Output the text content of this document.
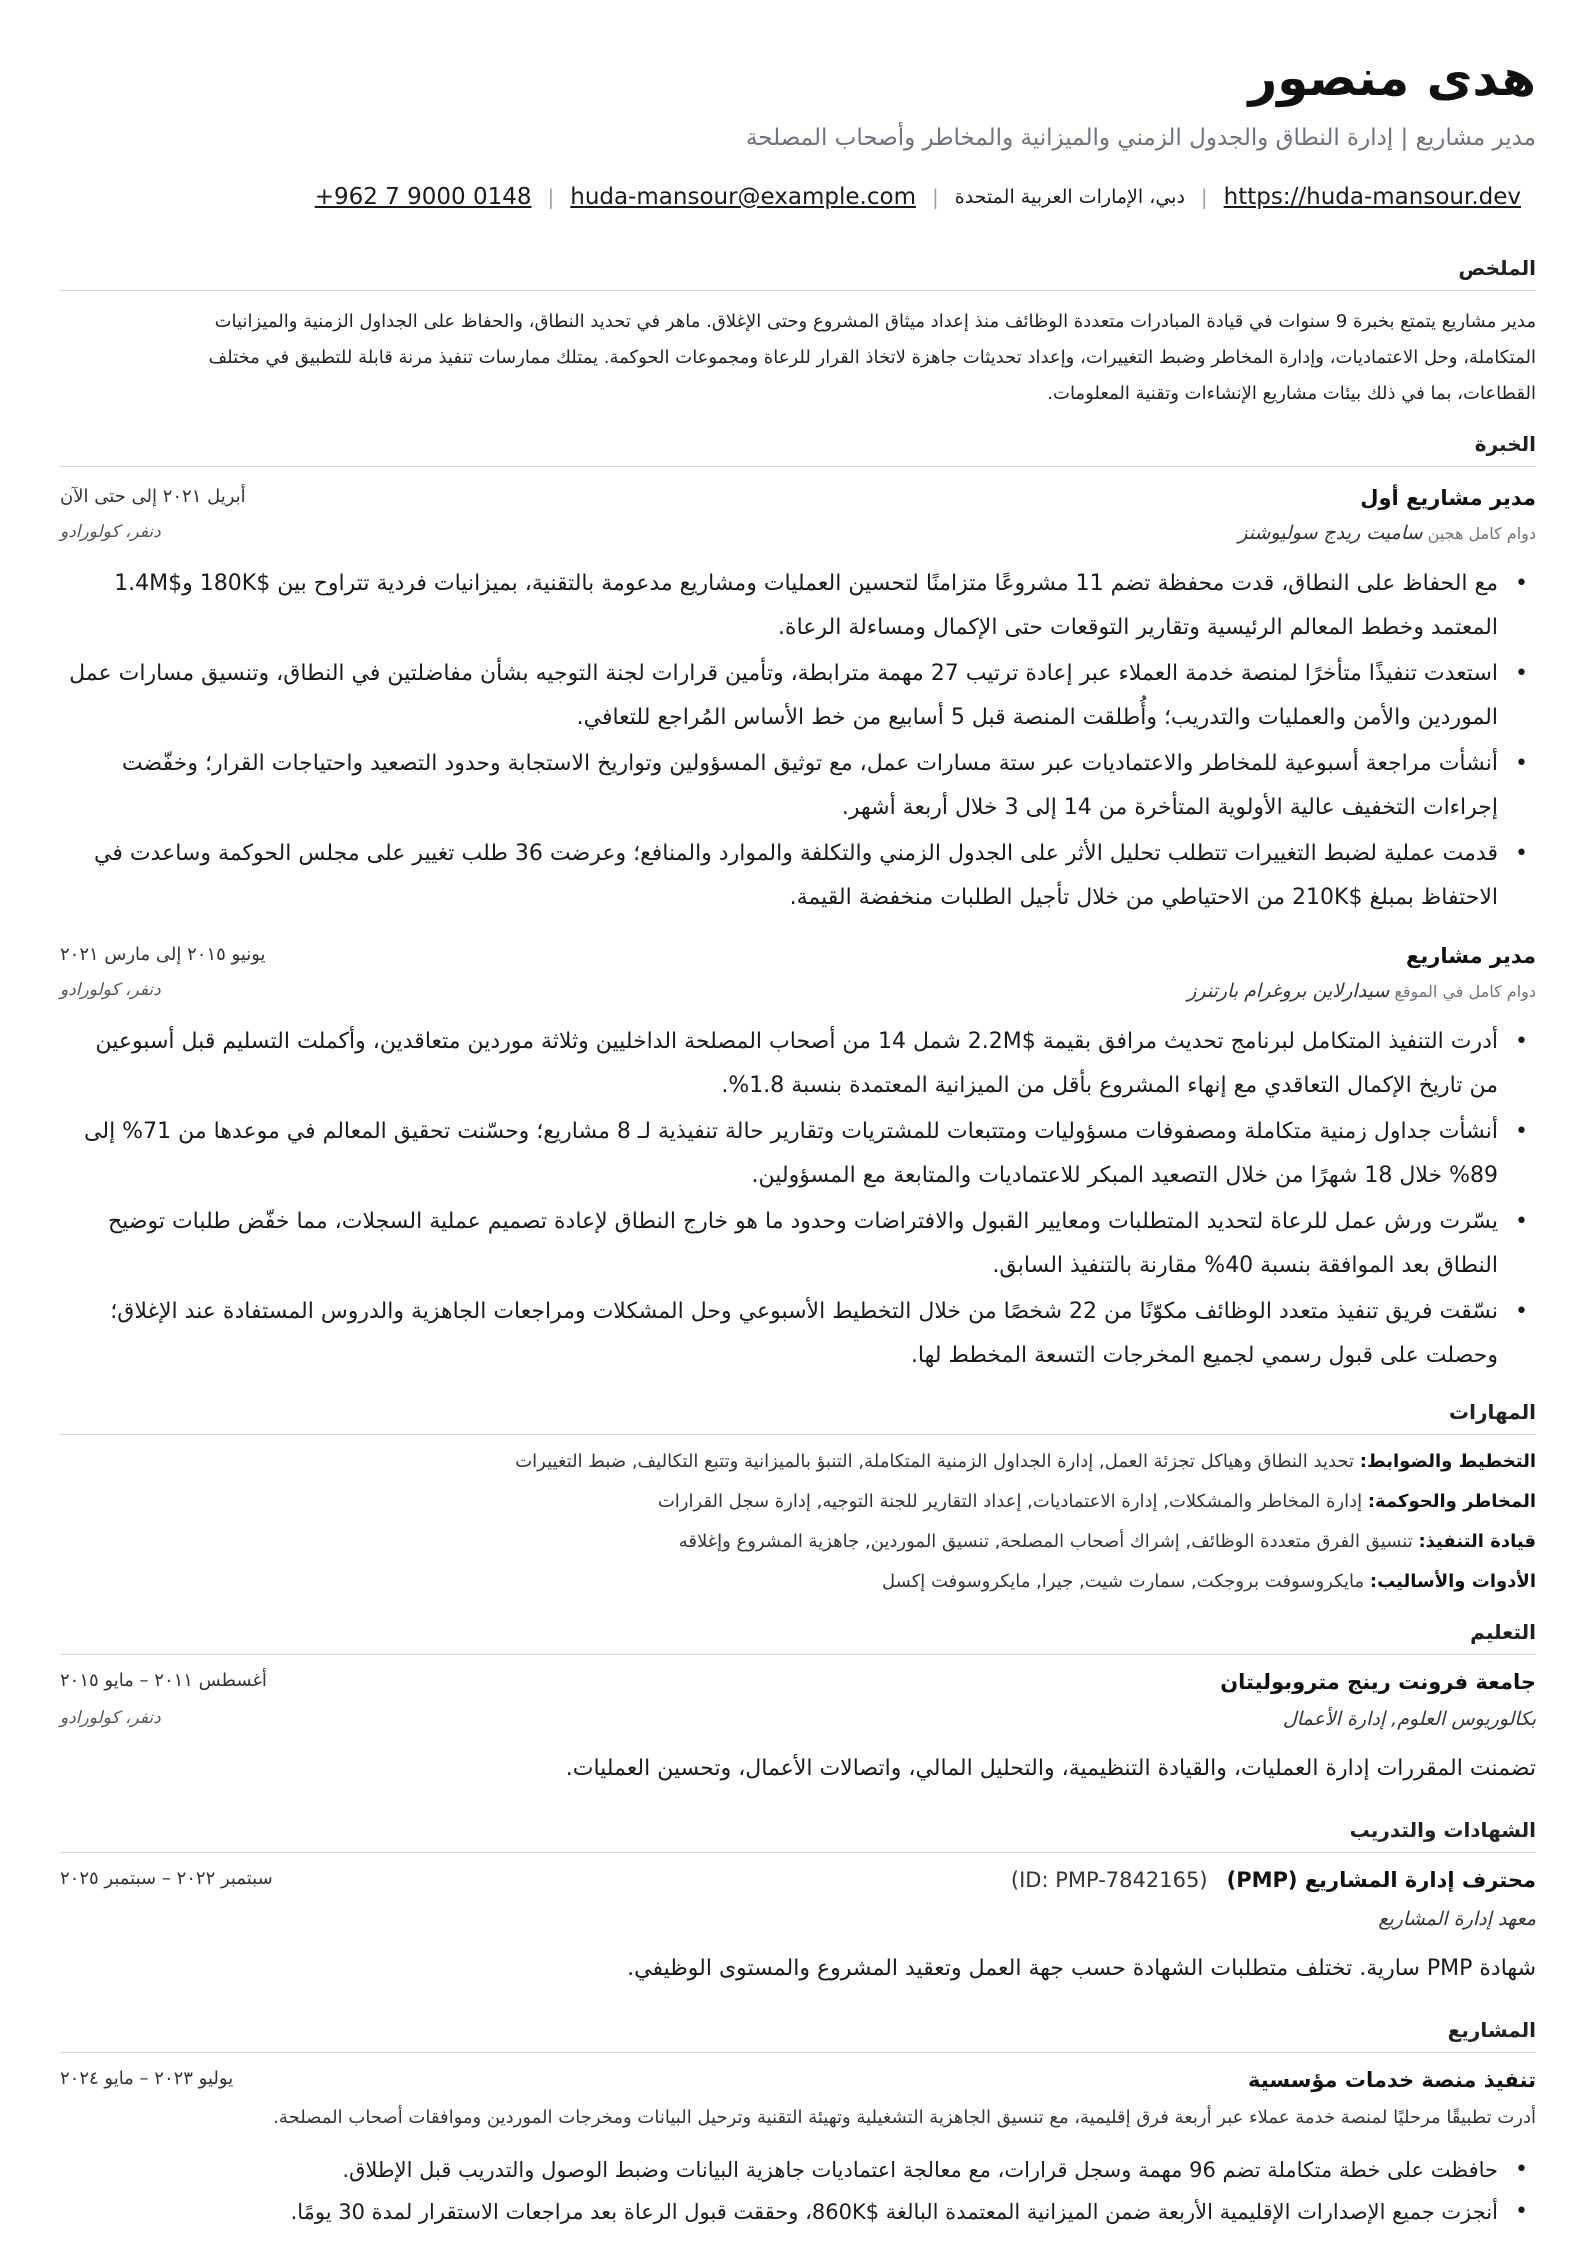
هدى منصور
مدير مشاريع | إدارة النطاق والجدول الزمني والميزانية والمخاطر وأصحاب المصلحة
+962 7 9000 0148 | huda-mansour@example.com | دبي، الإمارات العربية المتحدة | https://huda-mansour.dev
الملخص
مدير مشاريع يتمتع بخبرة 9 سنوات في قيادة المبادرات متعددة الوظائف منذ إعداد ميثاق المشروع وحتى الإغلاق. ماهر في تحديد النطاق، والحفاظ على الجداول الزمنية والميزانيات
المتكاملة، وحل الاعتماديات، وإدارة المخاطر وضبط التغييرات، وإعداد تحديثات جاهزة لاتخاذ القرار للرعاة ومجموعات الحوكمة. يمتلك ممارسات تنفيذ مرنة قابلة للتطبيق في مختلف
القطاعات، بما في ذلك بيئات مشاريع الإنشاءات وتقنية المعلومات.
الخبرة
مدير مشاريع أول
أبريل ٢٠٢١ إلى حتى الآن
دوام كامل هجين ساميت ريدج سوليوشنز
دنفر، كولورادو
• مع الحفاظ على النطاق، قدت محفظة تضم 11 مشروعًا متزامنًا لتحسين العمليات ومشاريع مدعومة بالتقنية، بميزانيات فردية تتراوح بين $180K و$1.4M المعتمد وخطط المعالم الرئيسية وتقارير التوقعات حتى الإكمال ومساءلة الرعاة.
• استعدت تنفيذًا متأخرًا لمنصة خدمة العملاء عبر إعادة ترتيب 27 مهمة مترابطة، وتأمين قرارات لجنة التوجيه بشأن مفاضلتين في النطاق، وتنسيق مسارات عمل الموردين والأمن والعمليات والتدريب؛ وأُطلقت المنصة قبل 5 أسابيع من خط الأساس المُراجع للتعافي.
• أنشأت مراجعة أسبوعية للمخاطر والاعتماديات عبر ستة مسارات عمل، مع توثيق المسؤولين وتواريخ الاستجابة وحدود التصعيد واحتياجات القرار؛ وخفّضت إجراءات التخفيف عالية الأولوية المتأخرة من 14 إلى 3 خلال أربعة أشهر.
• قدمت عملية لضبط التغييرات تتطلب تحليل الأثر على الجدول الزمني والتكلفة والموارد والمنافع؛ وعرضت 36 طلب تغيير على مجلس الحوكمة وساعدت في الاحتفاظ بمبلغ $210K من الاحتياطي من خلال تأجيل الطلبات منخفضة القيمة.
مدير مشاريع
يونيو ٢٠١٥ إلى مارس ٢٠٢١
دوام كامل في الموقع سيدارلاين بروغرام بارتنرز
دنفر، كولورادو
• أدرت التنفيذ المتكامل لبرنامج تحديث مرافق بقيمة $2.2M شمل 14 من أصحاب المصلحة الداخليين وثلاثة موردين متعاقدين، وأكملت التسليم قبل أسبوعين من تاريخ الإكمال التعاقدي مع إنهاء المشروع بأقل من الميزانية المعتمدة بنسبة 1.8%.
• أنشأت جداول زمنية متكاملة ومصفوفات مسؤوليات ومتتبعات للمشتريات وتقارير حالة تنفيذية لـ 8 مشاريع؛ وحسّنت تحقيق المعالم في موعدها من 71% إلى 89% خلال 18 شهرًا من خلال التصعيد المبكر للاعتماديات والمتابعة مع المسؤولين.
• يسّرت ورش عمل للرعاة لتحديد المتطلبات ومعايير القبول والافتراضات وحدود ما هو خارج النطاق لإعادة تصميم عملية السجلات، مما خفّض طلبات توضيح النطاق بعد الموافقة بنسبة 40% مقارنة بالتنفيذ السابق.
• نسّقت فريق تنفيذ متعدد الوظائف مكوّنًا من 22 شخصًا من خلال التخطيط الأسبوعي وحل المشكلات ومراجعات الجاهزية والدروس المستفادة عند الإغلاق؛ وحصلت على قبول رسمي لجميع المخرجات التسعة المخطط لها.
المهارات
التخطيط والضوابط: تحديد النطاق وهياكل تجزئة العمل, إدارة الجداول الزمنية المتكاملة, التنبؤ بالميزانية وتتبع التكاليف, ضبط التغييرات
المخاطر والحوكمة: إدارة المخاطر والمشكلات, إدارة الاعتماديات, إعداد التقارير للجنة التوجيه, إدارة سجل القرارات
قيادة التنفيذ: تنسيق الفرق متعددة الوظائف, إشراك أصحاب المصلحة, تنسيق الموردين, جاهزية المشروع وإغلاقه
الأدوات والأساليب: مايكروسوفت بروجكت, سمارت شيت, جيرا, مايكروسوفت إكسل
التعليم
جامعة فرونت رينج متروبوليتان
أغسطس ٢٠١١ – مايو ٢٠١٥
بكالوريوس العلوم, إدارة الأعمال
دنفر، كولورادو
تضمنت المقررات إدارة العمليات، والقيادة التنظيمية، والتحليل المالي، واتصالات الأعمال، وتحسين العمليات.
الشهادات والتدريب
محترف إدارة المشاريع (PMP) (ID: PMP-7842165)
سبتمبر ٢٠٢٢ – سبتمبر ٢٠٢٥
معهد إدارة المشاريع
شهادة PMP سارية. تختلف متطلبات الشهادة حسب جهة العمل وتعقيد المشروع والمستوى الوظيفي.
المشاريع
تنفيذ منصة خدمات مؤسسية
يوليو ٢٠٢٣ – مايو ٢٠٢٤
أدرت تطبيقًا مرحليًا لمنصة خدمة عملاء عبر أربعة فرق إقليمية، مع تنسيق الجاهزية التشغيلية وتهيئة التقنية وترحيل البيانات ومخرجات الموردين وموافقات أصحاب المصلحة.
• حافظت على خطة متكاملة تضم 96 مهمة وسجل قرارات، مع معالجة اعتماديات جاهزية البيانات وضبط الوصول والتدريب قبل الإطلاق.
• أنجزت جميع الإصدارات الإقليمية الأربعة ضمن الميزانية المعتمدة البالغة $860K، وحققت قبول الرعاة بعد مراجعات الاستقرار لمدة 30 يومًا.
